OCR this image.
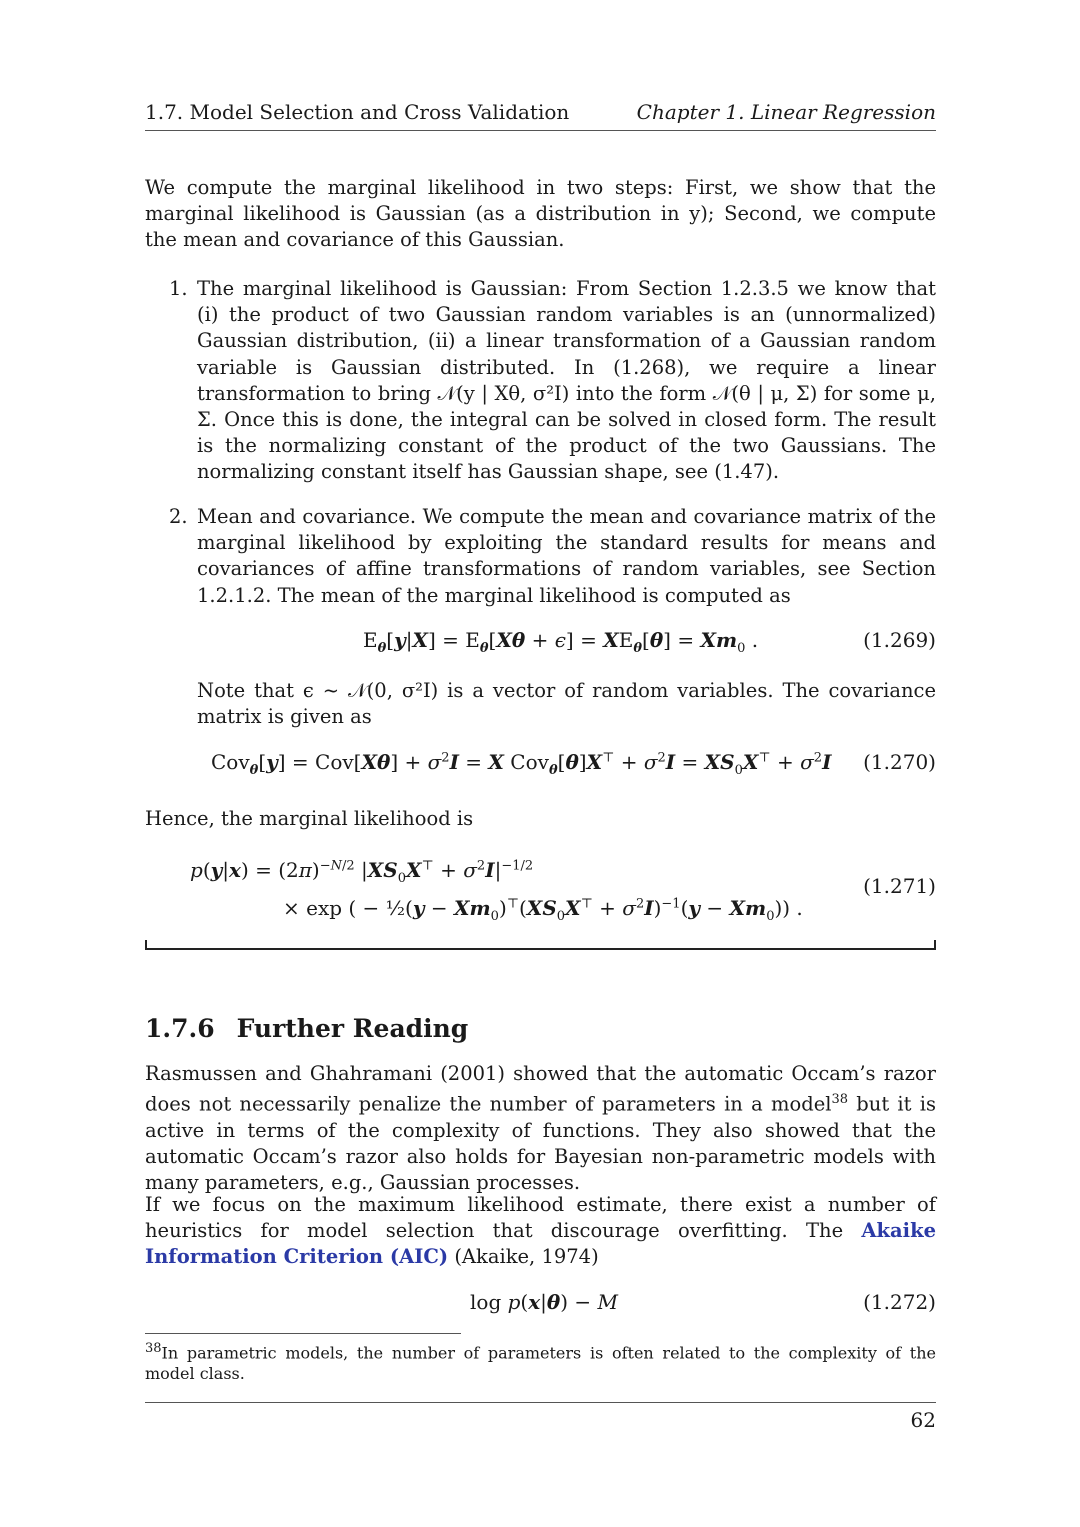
1.7. Model Selection and Cross Validation	Chapter 1. Linear Regression
We compute the marginal likelihood in two steps: First, we show that the marginal likelihood is Gaussian (as a distribution in y); Second, we compute the mean and covariance of this Gaussian.
1. The marginal likelihood is Gaussian: From Section 1.2.3.5 we know that (i) the product of two Gaussian random variables is an (unnormalized) Gaussian distribution, (ii) a linear transformation of a Gaussian random variable is Gaussian distributed. In (1.268), we require a linear transformation to bring 𝒩(y | Xθ, σ²I) into the form 𝒩(θ | μ, Σ) for some μ, Σ. Once this is done, the integral can be solved in closed form. The result is the normalizing constant of the product of the two Gaussians. The normalizing constant itself has Gaussian shape, see (1.47).
2. Mean and covariance. We compute the mean and covariance matrix of the marginal likelihood by exploiting the standard results for means and covariances of affine transformations of random variables, see Section 1.2.1.2. The mean of the marginal likelihood is computed as
$E_\theta[y|X] = E_\theta[X\theta + \epsilon] = XE_\theta[\theta] = Xm_0$ .	(1.269)
Note that ϵ ~ 𝒩(0, σ²I) is a vector of random variables. The covariance matrix is given as
$Cov_\theta[y] = Cov[X\theta] + \sigma^2I = X$ $Cov_\theta[\theta]X^⊤ + \sigma^2I = XS_0X^⊤ + \sigma^2I$ (1.270)
Hence, the marginal likelihood is
$p(y|x) = (2\pi)^{-N/2}$ $|XS_0X^⊤ + \sigma^2I|^{-1/2}$
× exp ( − ½(y − $Xm_0)^⊤(XS_0X^⊤ + \sigma^2I)^{-1}(y - Xm_0)$) .
(1.271)
1.7.6 Further Reading
Rasmussen and Ghahramani (2001) showed that the automatic Occam’s razor does not necessarily penalize the number of parameters in a model$^{38}$ but it is active in terms of the complexity of functions. They also showed that the automatic Occam’s razor also holds for Bayesian non-parametric models with many parameters, e.g., Gaussian processes.
If we focus on the maximum likelihood estimate, there exist a number of heuristics for model selection that discourage overfitting. The Akaike Information Criterion (AIC) (Akaike, 1974)
log p(x|θ) − M	(1.272)
$^{38}$In parametric models, the number of parameters is often related to the complexity of the model class.
62
